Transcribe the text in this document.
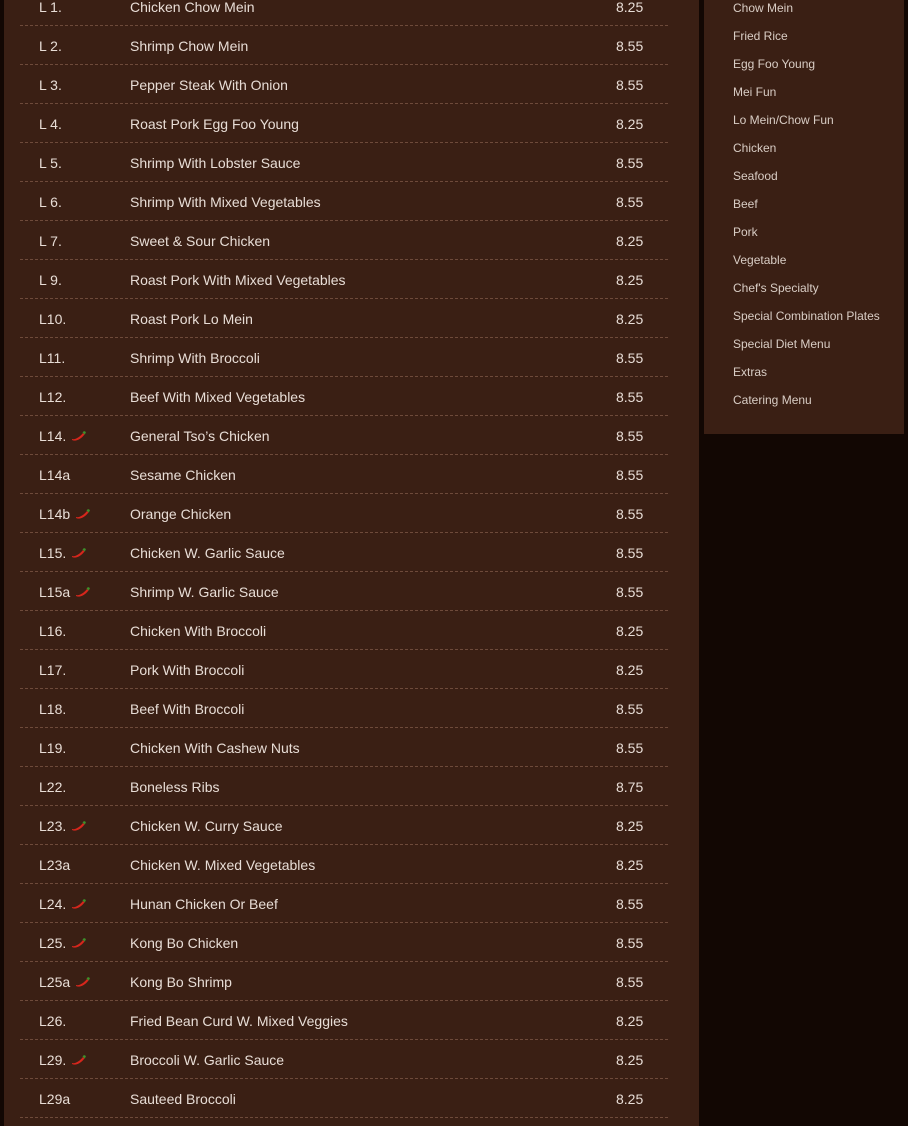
L 1.	Chicken Chow Mein	8.25
L 2.	Shrimp Chow Mein	8.55
L 3.	Pepper Steak With Onion	8.55
L 4.	Roast Pork Egg Foo Young	8.25
L 5.	Shrimp With Lobster Sauce	8.55
L 6.	Shrimp With Mixed Vegetables	8.55
L 7.	Sweet & Sour Chicken	8.25
L 9.	Roast Pork With Mixed Vegetables	8.25
L10.	Roast Pork Lo Mein	8.25
L11.	Shrimp With Broccoli	8.55
L12.	Beef With Mixed Vegetables	8.55
L14.	General Tso’s Chicken	8.55
L14a	Sesame Chicken	8.55
L14b	Orange Chicken	8.55
L15.	Chicken W. Garlic Sauce	8.55
L15a	Shrimp W. Garlic Sauce	8.55
L16.	Chicken With Broccoli	8.25
L17.	Pork With Broccoli	8.25
L18.	Beef With Broccoli	8.55
L19.	Chicken With Cashew Nuts	8.55
L22.	Boneless Ribs	8.75
L23.	Chicken W. Curry Sauce	8.25
L23a	Chicken W. Mixed Vegetables	8.25
L24.	Hunan Chicken Or Beef	8.55
L25.	Kong Bo Chicken	8.55
L25a	Kong Bo Shrimp	8.55
L26.	Fried Bean Curd W. Mixed Veggies	8.25
L29.	Broccoli W. Garlic Sauce	8.25
L29a	Sauteed Broccoli	8.25
Chow Mein
Fried Rice
Egg Foo Young
Mei Fun
Lo Mein/Chow Fun
Chicken
Seafood
Beef
Pork
Vegetable
Chef's Specialty
Special Combination Plates
Special Diet Menu
Extras
Catering Menu
